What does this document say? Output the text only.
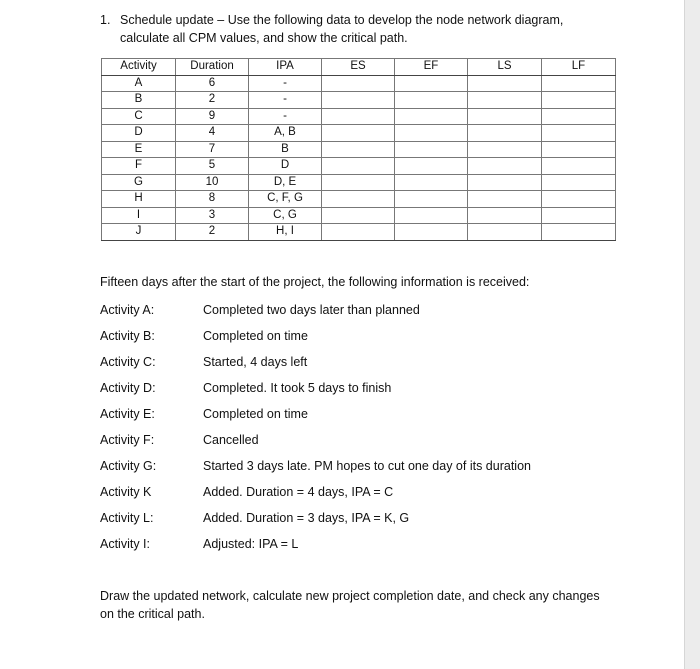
1. Schedule update – Use the following data to develop the node network diagram,
calculate all CPM values, and show the critical path.
Activity	Duration	IPA	ES	EF	LS	LF
A	6	-				
B	2	-				
C	9	-				
D	4	A, B				
E	7	B				
F	5	D				
G	10	D, E				
H	8	C, F, G				
I	3	C, G				
J	2	H, I				
Fifteen days after the start of the project, the following information is received:
Activity A:	Completed two days later than planned
Activity B:	Completed on time
Activity C:	Started, 4 days left
Activity D:	Completed. It took 5 days to finish
Activity E:	Completed on time
Activity F:	Cancelled
Activity G:	Started 3 days late. PM hopes to cut one day of its duration
Activity K	Added. Duration = 4 days, IPA = C
Activity L:	Added. Duration = 3 days, IPA = K, G
Activity I:	Adjusted: IPA = L
Draw the updated network, calculate new project completion date, and check any changes
on the critical path.
